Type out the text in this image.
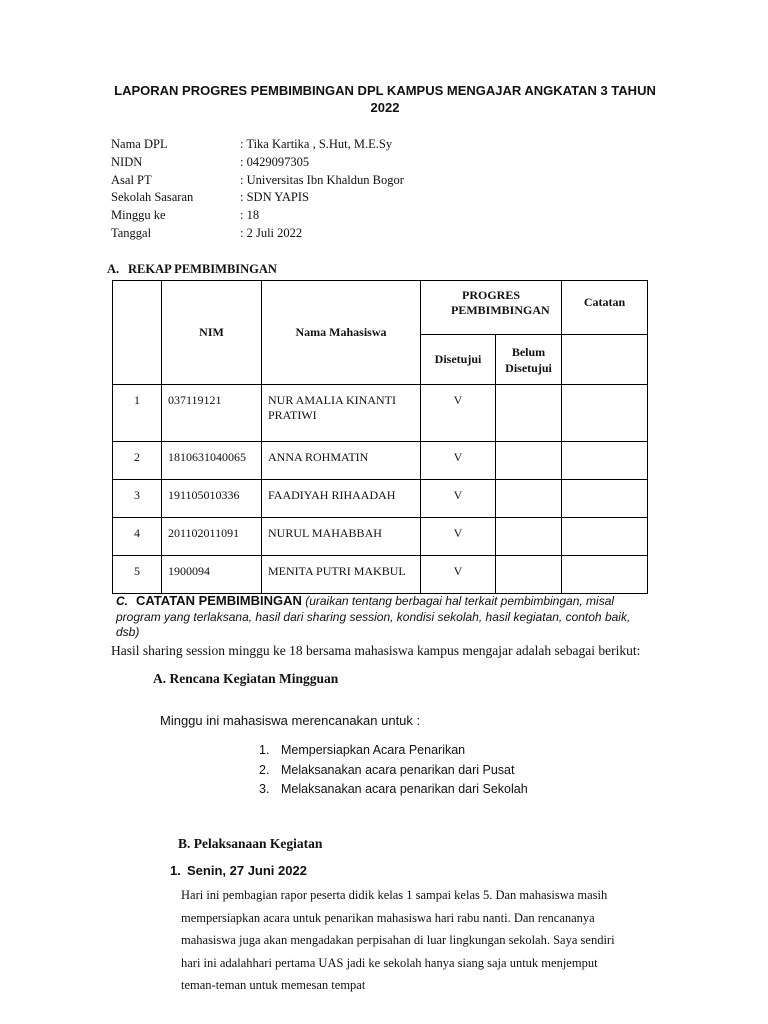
LAPORAN PROGRES PEMBIMBINGAN DPL KAMPUS MENGAJAR ANGKATAN 3 TAHUN 2022
Nama DPL	: Tika Kartika , S.Hut, M.E.Sy
NIDN	: 0429097305
Asal PT	: Universitas Ibn Khaldun Bogor
Sekolah Sasaran	: SDN YAPIS
Minggu ke	: 18
Tanggal	: 2 Juli 2022
A. REKAP PEMBIMBINGAN
	NIM	Nama Mahasiswa	PROGRES PEMBIMBINGAN		Catatan
			Disetujui	Belum Disetujui	
1	037119121	NUR AMALIA KINANTI PRATIWI	V		
2	1810631040065	ANNA ROHMATIN	V		
3	191105010336	FAADIYAH RIHAADAH	V		
4	201102011091	NURUL MAHABBAH	V		
5	1900094	MENITA PUTRI MAKBUL	V		
C. CATATAN PEMBIMBINGAN (uraikan tentang berbagai hal terkait pembimbingan, misal program yang terlaksana, hasil dari sharing session, kondisi sekolah, hasil kegiatan, contoh baik, dsb)
Hasil sharing session minggu ke 18 bersama mahasiswa kampus mengajar adalah sebagai berikut:
A. Rencana Kegiatan Mingguan
Minggu ini mahasiswa merencanakan untuk :
1. Mempersiapkan Acara Penarikan
2. Melaksanakan acara penarikan dari Pusat
3. Melaksanakan acara penarikan dari Sekolah
B. Pelaksanaan Kegiatan
1. Senin, 27 Juni 2022
Hari ini pembagian rapor peserta didik kelas 1 sampai kelas 5. Dan mahasiswa masih
mempersiapkan acara untuk penarikan mahasiswa hari rabu nanti. Dan rencananya
mahasiswa juga akan mengadakan perpisahan di luar lingkungan sekolah. Saya sendiri
hari ini adalahhari pertama UAS jadi ke sekolah hanya siang saja untuk menjemput
teman-teman untuk memesan tempat
